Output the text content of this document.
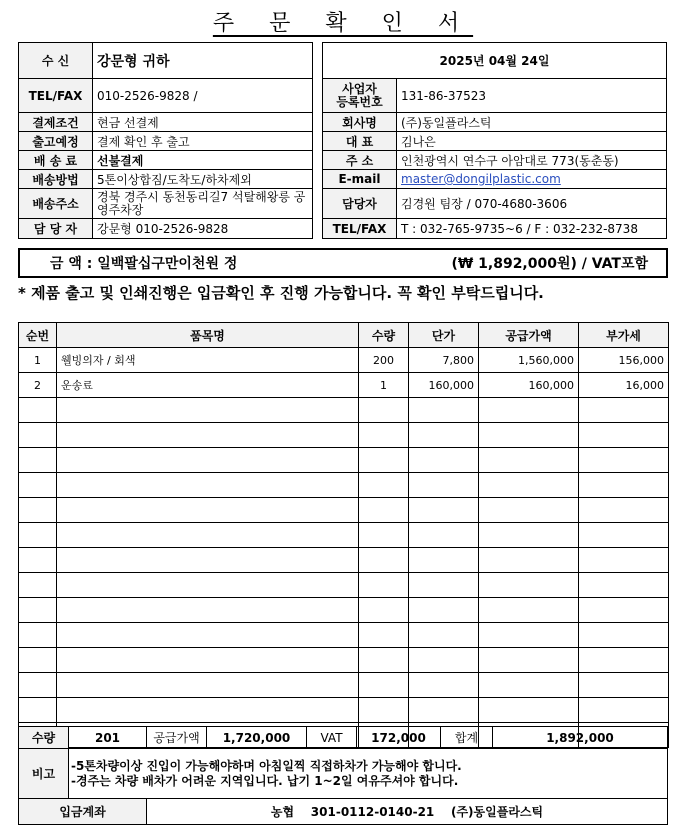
주 문 확 인 서
수 신	강문형 귀하
TEL/FAX	010-2526-9828 /
결제조건	현금 선결제
출고예정	결제 확인 후 출고
배 송 료	선불결제
배송방법	5톤이상합짐/도착도/하차제외
배송주소	경북 경주시 동천동리길7 석탈해왕릉 공영주차장
담 당 자	강문형 010-2526-9828
2025년 04월 24일	
사업자
등록번호	131-86-37523
회사명	(주)동일플라스틱
대 표	김나은
주 소	인천광역시 연수구 아암대로 773(동춘동)
E-mail	master@dongilplastic.com
담당자	김경원 팀장 / 070-4680-3606
TEL/FAX	T : 032-765-9735~6 / F : 032-232-8738
금 액 : 일백팔십구만이천원 정	(₩ 1,892,000원) / VAT포함
* 제품 출고 및 인쇄진행은 입금확인 후 진행 가능합니다. 꼭 확인 부탁드립니다.
순번	품목명	수량	단가	공급가액	부가세
1	웰빙의자 / 회색	200	7,800	1,560,000	156,000
2	운송료	1	160,000	160,000	16,000

수량	201	공급가액	1,720,000	VAT	172,000	합계	1,892,000
비고	-5톤차량이상 진입이 가능해야하며 아침일찍 직접하차가 가능해야 합니다.
-경주는 차량 배차가 어려운 지역입니다. 납기 1~2일 여유주셔야 합니다.						

입금계좌		농협    301-0112-0140-21    (주)동일플라스틱					
